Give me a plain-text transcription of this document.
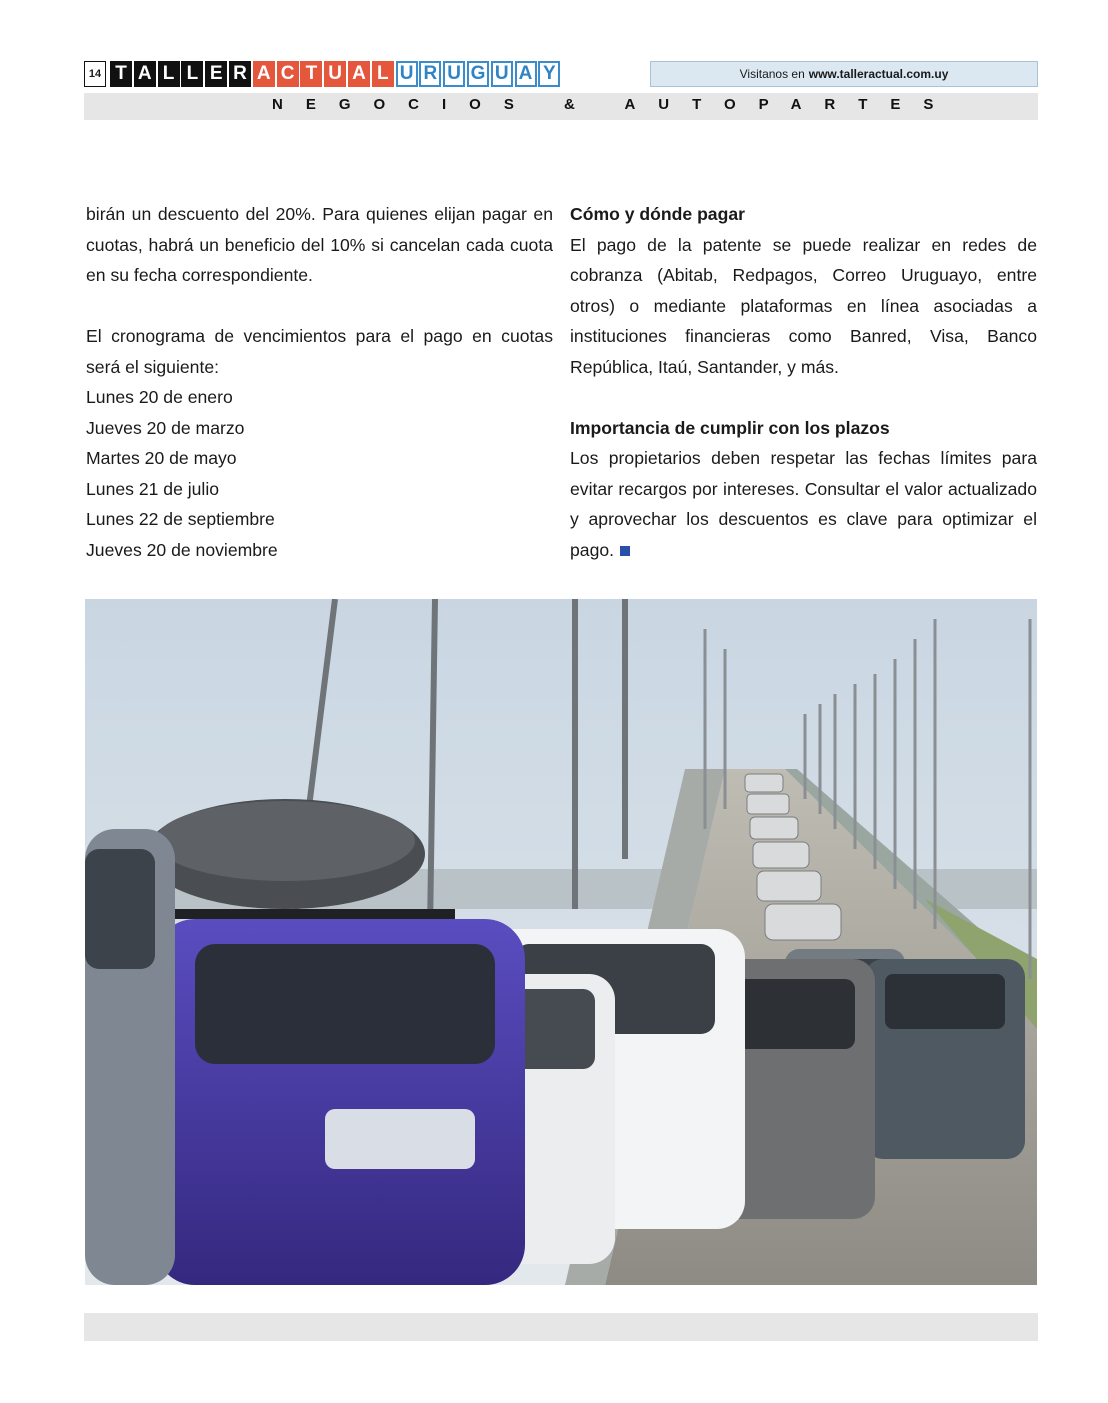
14 T A L L E R A C T U A L U R U G U A Y	Visitanos en www.talleractual.com.uy
NEGOCIOS & AUTOPARTES

birán un descuento del 20%. Para quienes elijan pagar en cuotas, habrá un beneficio del 10% si cancelan cada cuota en su fecha correspondiente.

El cronograma de vencimientos para el pago en cuotas será el siguiente:

Lunes 20 de enero
Jueves 20 de marzo
Martes 20 de mayo
Lunes 21 de julio
Lunes 22 de septiembre
Jueves 20 de noviembre
Cómo y dónde pagar

El pago de la patente se puede realizar en redes de cobranza (Abitab, Redpagos, Correo Uruguayo, entre otros) o mediante plataformas en línea asociadas a instituciones financieras como Banred, Visa, Banco República, Itaú, Santander, y más.

Importancia de cumplir con los plazos

Los propietarios deben respetar las fechas límites para evitar recargos por intereses. Consultar el valor actualizado y aprovechar los descuentos es clave para optimizar el pago.
